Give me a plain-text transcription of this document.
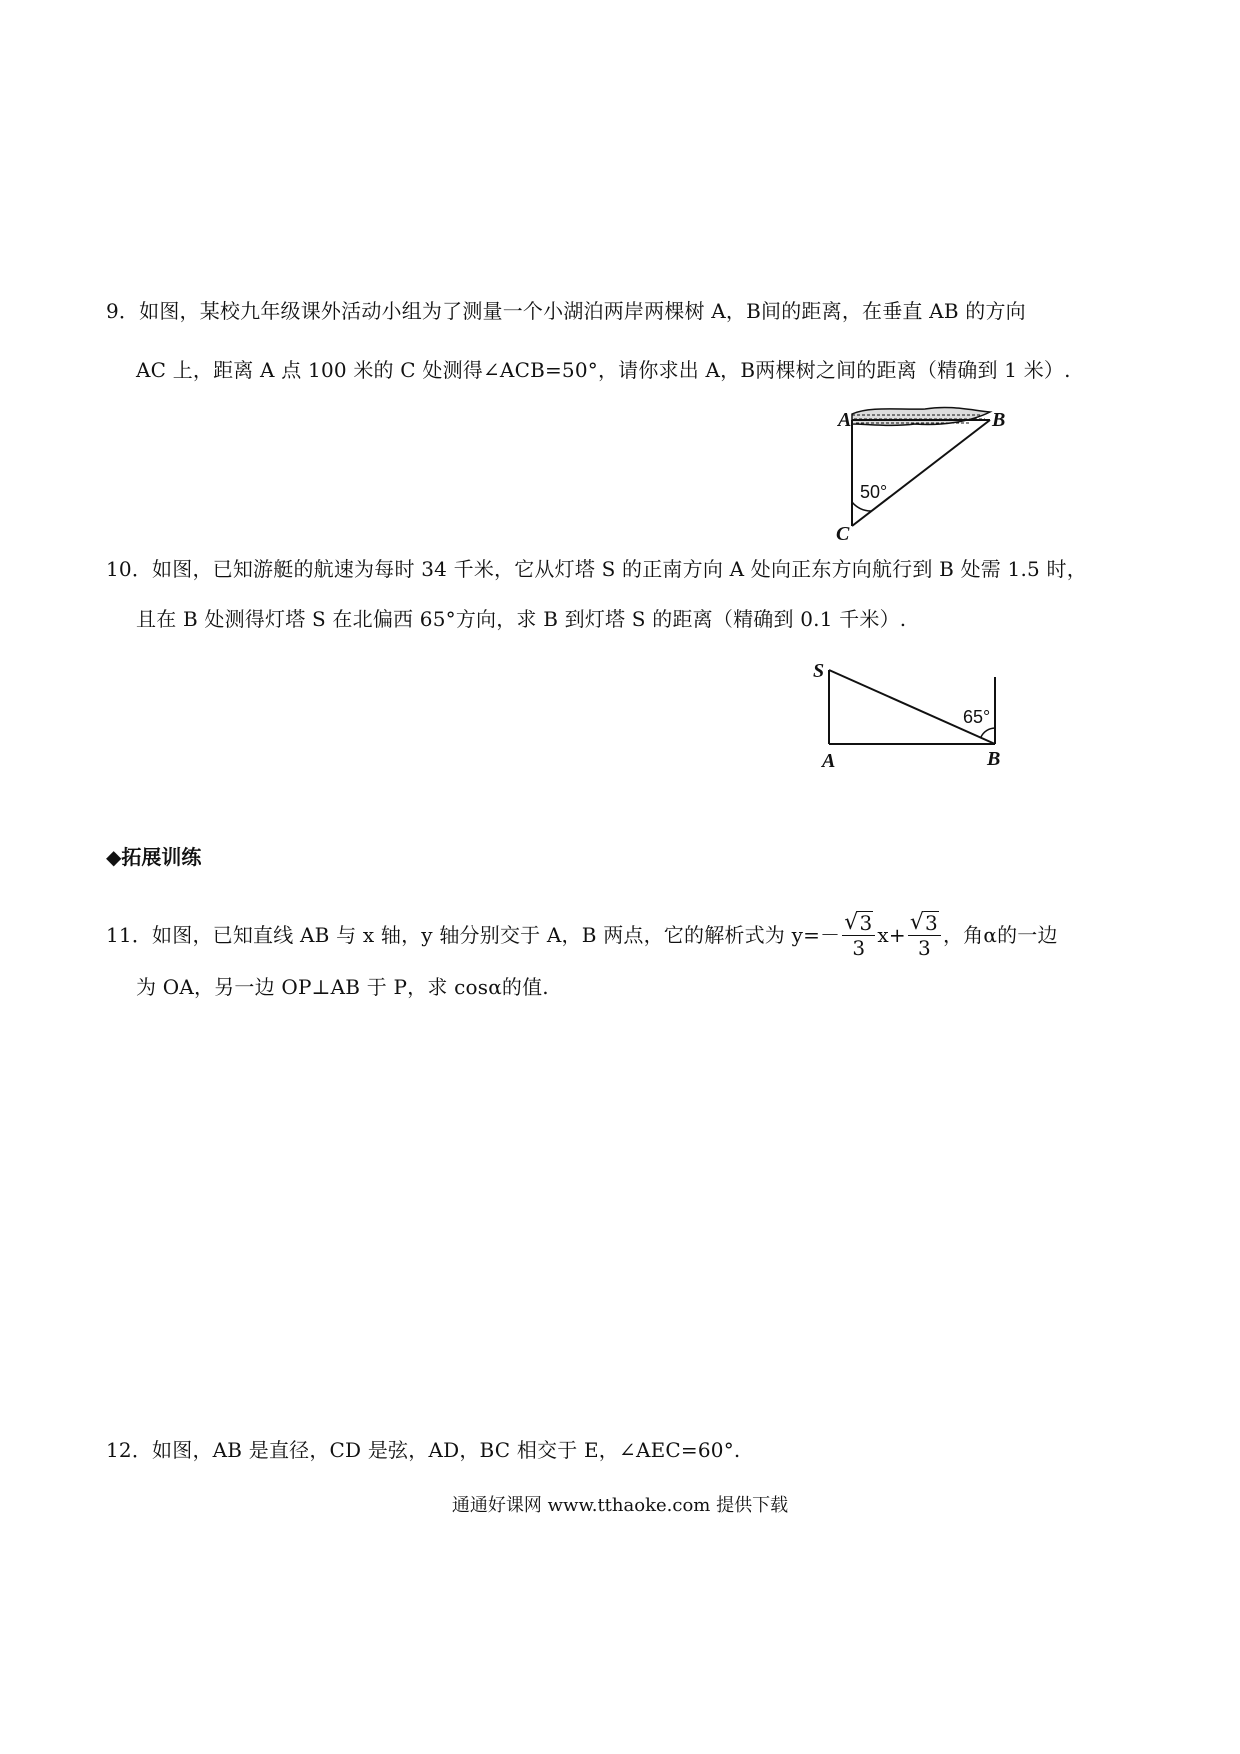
9．如图，某校九年级课外活动小组为了测量一个小湖泊两岸两棵树 A，B间的距离，在垂直 AB 的方向
AC 上，距离 A 点 100 米的 C 处测得∠ACB=50°，请你求出 A，B两棵树之间的距离（精确到 1 米）.
A	B
C
50°
10．如图，已知游艇的航速为每时 34 千米，它从灯塔 S 的正南方向 A 处向正东方向航行到 B 处需 1.5 时，
且在 B 处测得灯塔 S 在北偏西 65°方向，求 B 到灯塔 S 的距离（精确到 0.1 千米）.
S
A	B
65°
◆拓展训练
11．如图，已知直线 AB 与 x 轴，y 轴分别交于 A，B 两点，它的解析式为 $y=- \frac{√ 3}{3} x+ \frac{√ 3}{3}$ ，角α的一边
为 OA，另一边 OP⊥AB 于 P，求 cosα的值.
12．如图，AB 是直径，CD 是弦，AD，BC 相交于 E，∠AEC=60°.
通通好课网 www.tthaoke.com 提供下载
